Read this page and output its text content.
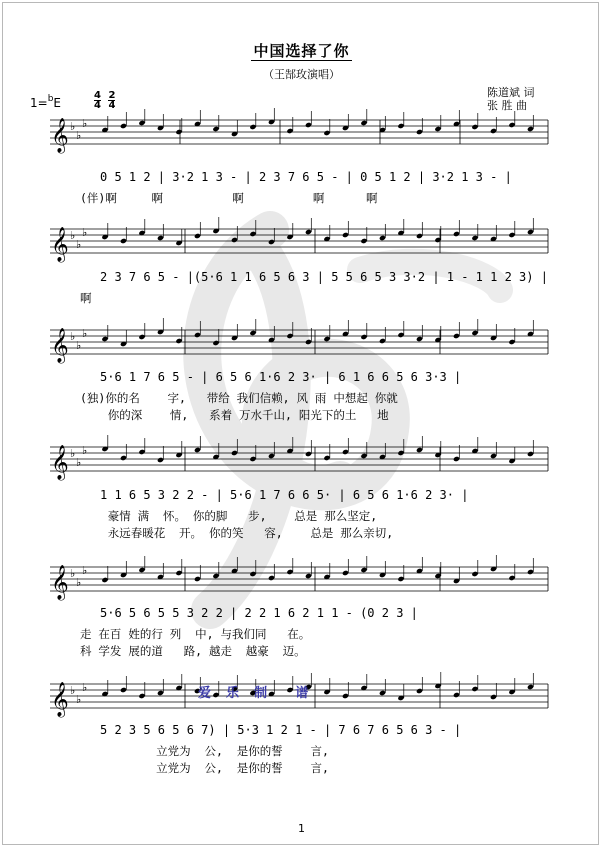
中国选择了你
（王郜玫演唱）
1=$^b$E	$\frac{4}{4}$
$\frac{2}{4}$	陈道斌 词
张 胜 曲
𝄞 ♭
♭
♭
𝄞 ♭
♭
♭
𝄞 ♭
♭
♭
𝄞 ♭
♭
♭
𝄞 ♭
♭
♭
𝄞 ♭
♭
♭
0 5 1 2 | 3·2 1 3 - | 2 3 7 6 5 - | 0 5 1 2 | 3·2 1 3 - |
(伴)啊     啊          啊          啊      啊
2 3 7 6 5 - |(5·6 1 1 6 5 6 3 | 5 5 6 5 3 3·2 | 1 - 1 1 2 3) |
啊
5·6 1 7 6 5 - | 6 5 6 1·6 2 3· | 6 1 6 6 5 6 3·3 |
(独)你的名    字,   带给 我们信赖, 风 雨 中想起 你就
你的深    情,   系着 万水千山, 阳光下的土   地
1 1 6 5 3 2 2 - | 5·6 1 7 6 6 5· | 6 5 6 1·6 2 3· |
豪情 满  怀。 你的脚   步,    总是 那么坚定,
永远春暖花  开。 你的笑   容,    总是 那么亲切,
5·6 5 6 5 5 3 2 2 | 2 2 1 6 2 1 1 - (0 2 3 |
走 在百 姓的行 列  中, 与我们同   在。
科 学发 展的道   路, 越走  越豪  迈。
5 2 3 5 6 5 6 7) | 5·3 1 2 1 - | 7 6 7 6 5 6 3 - |
立党为  公,  是你的誓    言,
立党为  公,  是你的誓    言,
爱  乐  制    谱
1
